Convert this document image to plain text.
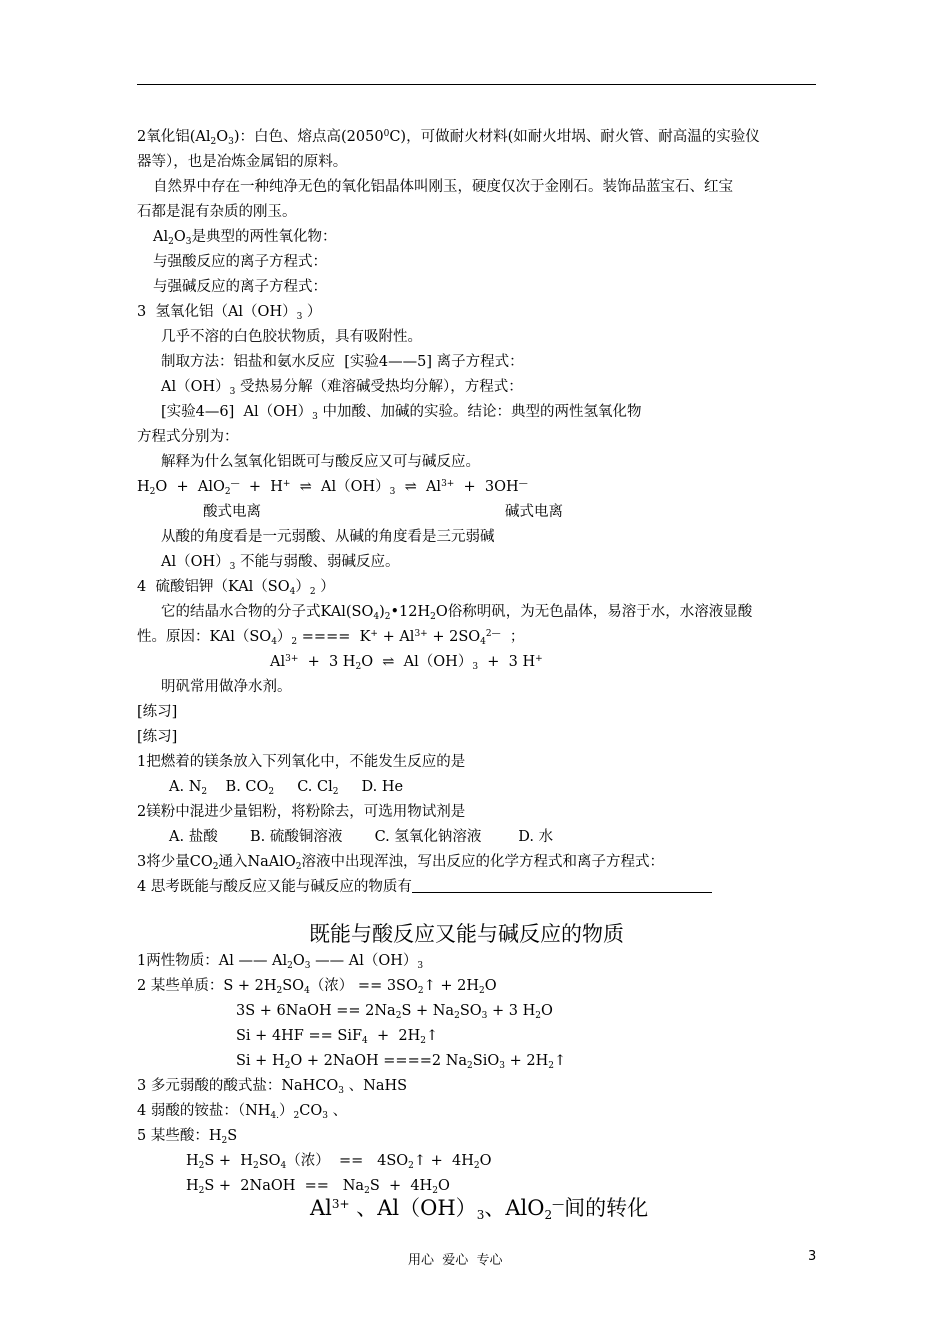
2氧化铝$(Al_2O_3)$：白色、熔点高(2050$^0$C)，可做耐火材料(如耐火坩埚、耐火管、耐高温的实验仪
器等），也是冶炼金属铝的原料。
自然界中存在一种纯净无色的氧化铝晶体叫刚玉，硬度仅次于金刚石。装饰品蓝宝石、红宝
石都是混有杂质的刚玉。
$Al_2O_3$是典型的两性氧化物：
与强酸反应的离子方程式：
与强碱反应的离子方程式：
3  氢氧化铝（$Al(OH)_3$ ）
几乎不溶的白色胶状物质，具有吸附性。
制取方法：铝盐和氨水反应  [实验4——5] 离子方程式：
$Al(OH)_3$ 受热易分解（难溶碱受热均分解），方程式：
[实验4—6]  $Al(OH)_3$ 中加酸、加碱的实验。结论：典型的两性氢氧化物
方程式分别为：
解释为什么氢氧化铝既可与酸反应又可与碱反应。
$H_2O + AlO_2^— + H^+$  ⇌  $Al(OH)_3$  ⇌  $Al^{3+} + 3OH^—$
酸式电离	碱式电离
从酸的角度看是一元弱酸、从碱的角度看是三元弱碱
$Al(OH)_3$ 不能与弱酸、弱碱反应。
4  硫酸铝钾（$KAl(SO_4)_2$ ）
它的结晶水合物的分子式$KAl(SO_4)_2•12H_2O$俗称明矾，为无色晶体，易溶于水，水溶液显酸
性。原因：$KAl(SO_4)_2$ ====  $K^+ + Al^{3+} + 2SO_4^{2—}$  ；
$Al^{3+} + 3$ $H_2O$  ⇌  $Al(OH)_3 + 3$ H+
明矾常用做净水剂。
[练习]
[练习]
1把燃着的镁条放入下列氧化中，不能发生反应的是
A. $N_2$    B. $CO_2$     C. $Cl_2$     D. He
2镁粉中混进少量铝粉，将粉除去，可选用物试剂是
A. 盐酸       B. 硫酸铜溶液       C. 氢氧化钠溶液        D. 水
3将少量$CO_2$通入NaAlO$_2$溶液中出现浑浊，写出反应的化学方程式和离子方程式：
4 思考既能与酸反应又能与碱反应的物质有
既能与酸反应又能与碱反应的物质
1两性物质：Al —— $Al_2O_3$ —— $Al(OH)_3$
2 某些单质：$S + 2H_2SO_4$（浓） == $3SO_2↑ + 2H_2O$
3S + 6NaOH == $2Na_2S + Na_2SO_3 + 3$ $H_2O$
$Si + 4HF == SiF_4 + 2H_2↑$
$Si + H_2O$ + 2NaOH ====2 $Na_2SiO_3$ + $2H_2↑$
3 多元弱酸的酸式盐：NaHCO$_3$ 、NaHS
4 弱酸的铵盐：$(NH_{4.})_2CO_3$ 、
5 某些酸：$H_2S$
$H_2S + H_2SO_4$（浓）  ==   $4SO_2↑ + 4H_2O$
$H_2S$ +  2NaOH  ==   $Na_2S + 4H_2O$
$Al^{3+}$ 、$Al(OH)_3$、AlO$_2$—间的转化
用心  爱心  专心	3
